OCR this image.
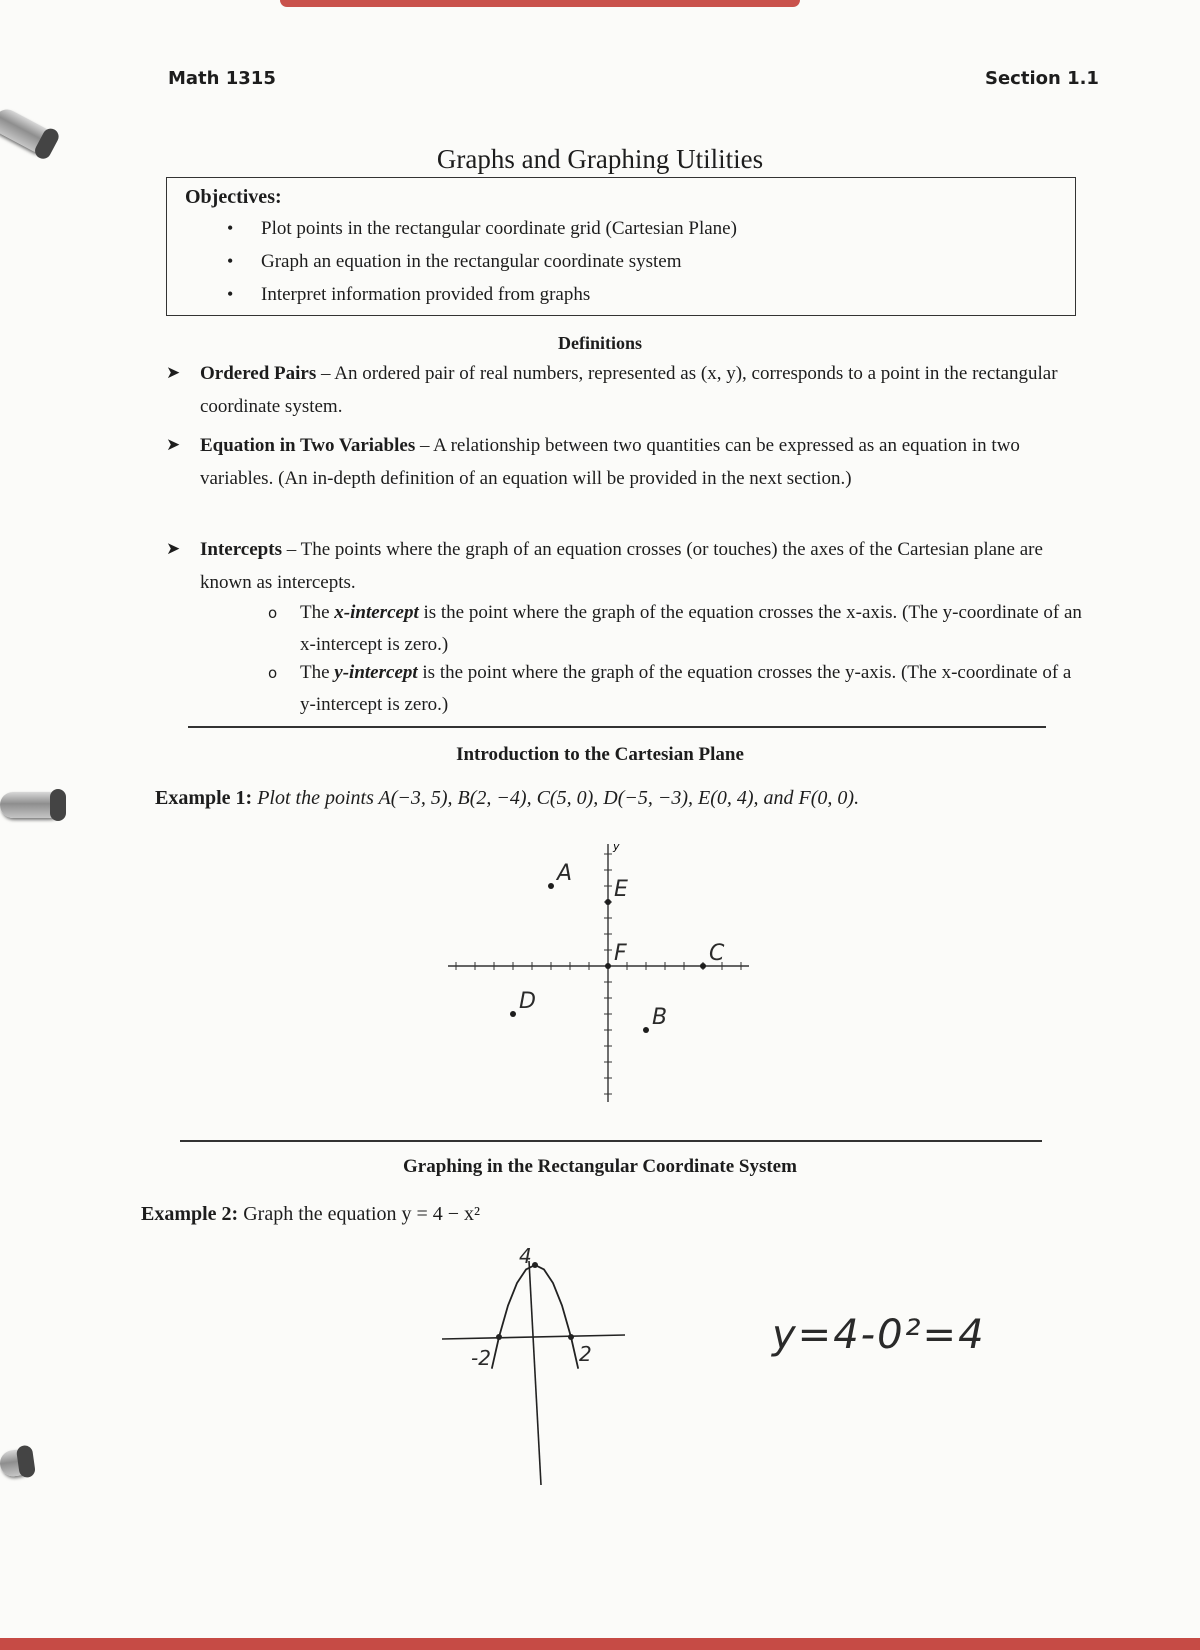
Math 1315	Section 1.1
Graphs and Graphing Utilities
Objectives:
• Plot points in the rectangular coordinate grid (Cartesian Plane)
• Graph an equation in the rectangular coordinate system
• Interpret information provided from graphs
Definitions
➤ Ordered Pairs – An ordered pair of real numbers, represented as (x, y), corresponds to a point in the rectangular coordinate system.
➤ Equation in Two Variables – A relationship between two quantities can be expressed as an equation in two variables. (An in-depth definition of an equation will be provided in the next section.)
➤ Intercepts – The points where the graph of an equation crosses (or touches) the axes of the Cartesian plane are known as intercepts.
o The x-intercept is the point where the graph of the equation crosses the x-axis. (The y-coordinate of an x-intercept is zero.)
o The y-intercept is the point where the graph of the equation crosses the y-axis. (The x-coordinate of a y-intercept is zero.)
Introduction to the Cartesian Plane
Example 1: Plot the points A(−3, 5), B(2, −4), C(5, 0), D(−5, −3), E(0, 4), and F(0, 0).
A
B
C
D
E
F
y
Graphing in the Rectangular Coordinate System
Example 2: Graph the equation y = 4 − x²
4
-2	2	y=4-0²=4
